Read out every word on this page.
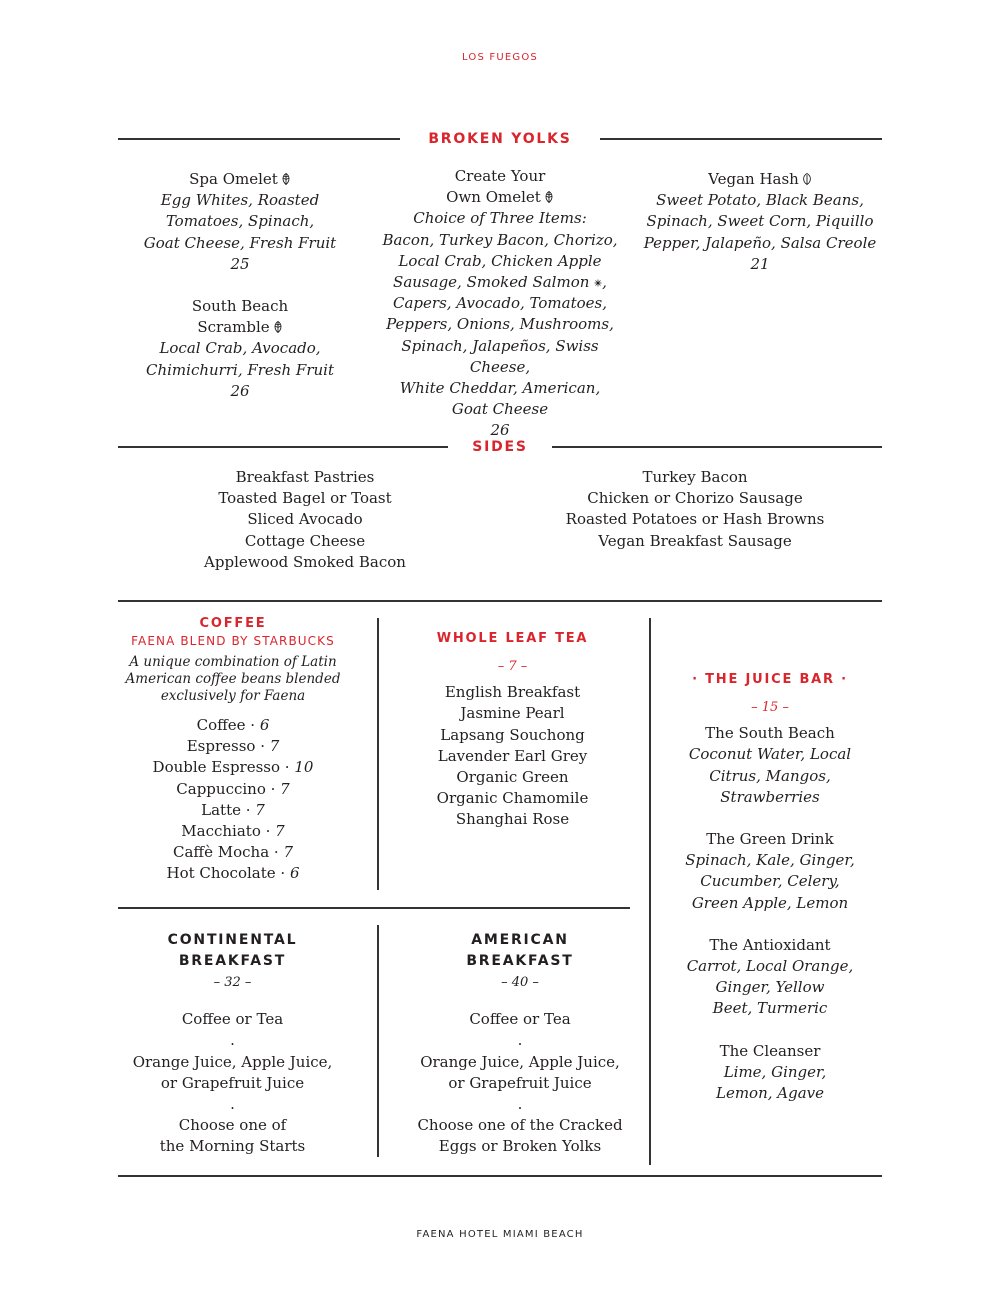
LOS FUEGOS
BROKEN YOLKS
Spa Omelet
Egg Whites, Roasted
Tomatoes, Spinach,
Goat Cheese, Fresh Fruit
25
South Beach
Scramble
Local Crab, Avocado,
Chimichurri, Fresh Fruit
26
Create Your
Own Omelet
Choice of Three Items:
Bacon, Turkey Bacon, Chorizo,
Local Crab, Chicken Apple
Sausage, Smoked Salmon ,
Capers, Avocado, Tomatoes,
Peppers, Onions, Mushrooms,
Spinach, Jalapeños, Swiss Cheese,
White Cheddar, American,
Goat Cheese
26
Vegan Hash
Sweet Potato, Black Beans,
Spinach, Sweet Corn, Piquillo
Pepper, Jalapeño, Salsa Creole
21
SIDES
Breakfast Pastries
Toasted Bagel or Toast
Sliced Avocado
Cottage Cheese
Applewood Smoked Bacon
Turkey Bacon
Chicken or Chorizo Sausage
Roasted Potatoes or Hash Browns
Vegan Breakfast Sausage
COFFEE
FAENA BLEND BY STARBUCKS
A unique combination of Latin
American coffee beans blended
exclusively for Faena
Coffee · 6
Espresso · 7
Double Espresso · 10
Cappuccino · 7
Latte · 7
Macchiato · 7
Caffè Mocha · 7
Hot Chocolate · 6
WHOLE LEAF TEA
– 7 –
English Breakfast
Jasmine Pearl
Lapsang Souchong
Lavender Earl Grey
Organic Green
Organic Chamomile
Shanghai Rose
· THE JUICE BAR ·
– 15 –
The South Beach
Coconut Water, Local
Citrus, Mangos,
Strawberries
The Green Drink
Spinach, Kale, Ginger,
Cucumber, Celery,
Green Apple, Lemon
The Antioxidant
Carrot, Local Orange,
Ginger, Yellow
Beet, Turmeric
The Cleanser
Lime, Ginger,
Lemon, Agave
CONTINENTAL
BREAKFAST
– 32 –
Coffee or Tea
.
Orange Juice, Apple Juice,
or Grapefruit Juice
.
Choose one of
the Morning Starts
AMERICAN
BREAKFAST
– 40 –
Coffee or Tea
.
Orange Juice, Apple Juice,
or Grapefruit Juice
.
Choose one of the Cracked
Eggs or Broken Yolks
FAENA HOTEL MIAMI BEACH
